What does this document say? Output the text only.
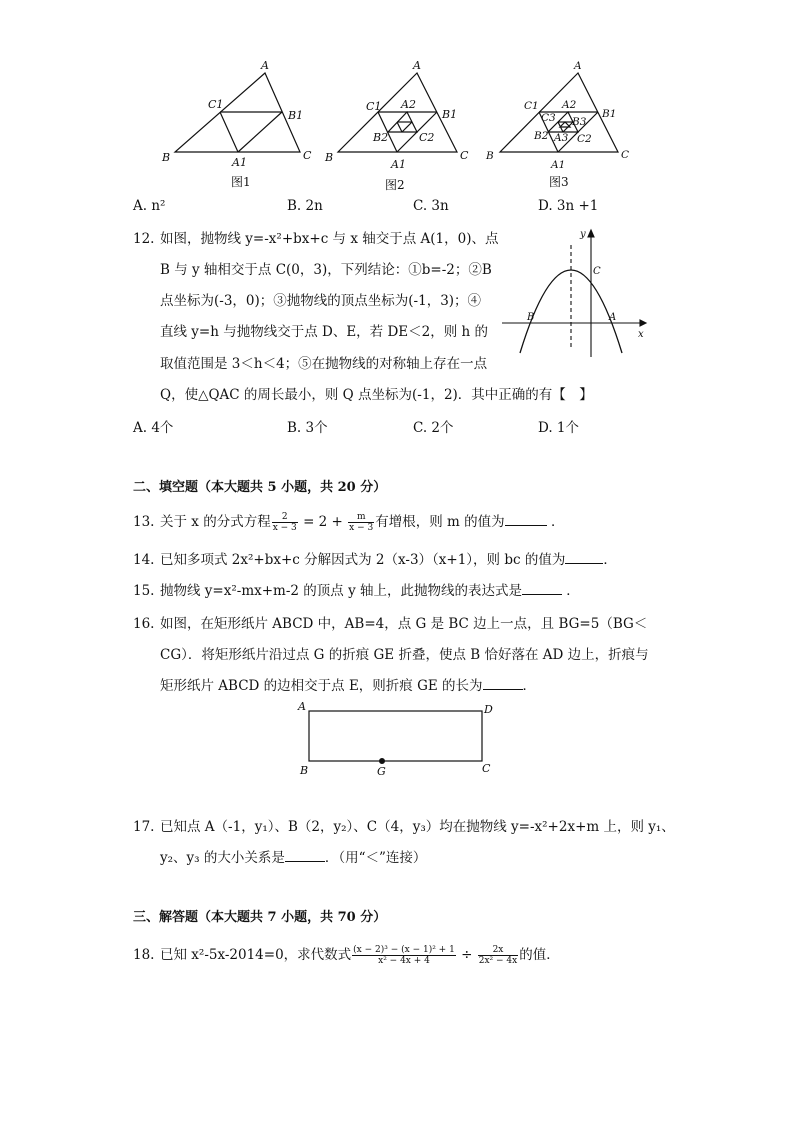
A
B	C
C1
B1
A1
A
B	C
C1
B1
A1
A2
B2	C2
A
B	C
C1
B1
A1
A2
B2	C2
C3 B3
A3
图1	图2	图3
A. n²	B. 2n	C. 3n	D. 3n +1
12. 如图，抛物线 y=-x²+bx+c 与 x 轴交于点 A(1，0)、点
B 与 y 轴相交于点 C(0，3)，下列结论：①b=-2；②B
点坐标为(-3，0)；③抛物线的顶点坐标为(-1，3)；④
直线 y=h 与抛物线交于点 D、E，若 DE＜2，则 h 的
取值范围是 3＜h＜4；⑤在抛物线的对称轴上存在一点
Q，使△QAC 的周长最小，则 Q 点坐标为(-1，2)．其中正确的有【　】
y
x
B	A
C
A. 4个	B. 3个	C. 2个	D. 1个
二、填空题（本大题共 5 小题，共 20 分）
13. 关于 x 的分式方程 $\frac{2}{x - 3} = 2 + \frac{m}{x - 3}$ 有增根，则 m 的值为	．
14. 已知多项式 2x²+bx+c 分解因式为 2（x-3）（x+1），则 bc 的值为	．
15. 抛物线 y=x²-mx+m-2 的顶点 y 轴上，此抛物线的表达式是	．
16. 如图，在矩形纸片 ABCD 中，AB=4，点 G 是 BC 边上一点，且 BG=5（BG＜
CG）．将矩形纸片沿过点 G 的折痕 GE 折叠，使点 B 恰好落在 AD 边上，折痕与
矩形纸片 ABCD 的边相交于点 E，则折痕 GE 的长为	．
A	D
B	C
G
17. 已知点 A（-1，y₁）、B（2，y₂）、C（4，y₃）均在抛物线 y=-x²+2x+m 上，则 y₁、
y₂、y₃ 的大小关系是	．（用“＜”连接）
三、解答题（本大题共 7 小题，共 70 分）
18. 已知 x²-5x-2014=0，求代数式 $\frac{\text{(x − 2)³ − (x − 1)² + 1}}{\text{x² − 4x + 4}} \div \frac{2x}{\text{2x² − 4x}}$ 的值．
